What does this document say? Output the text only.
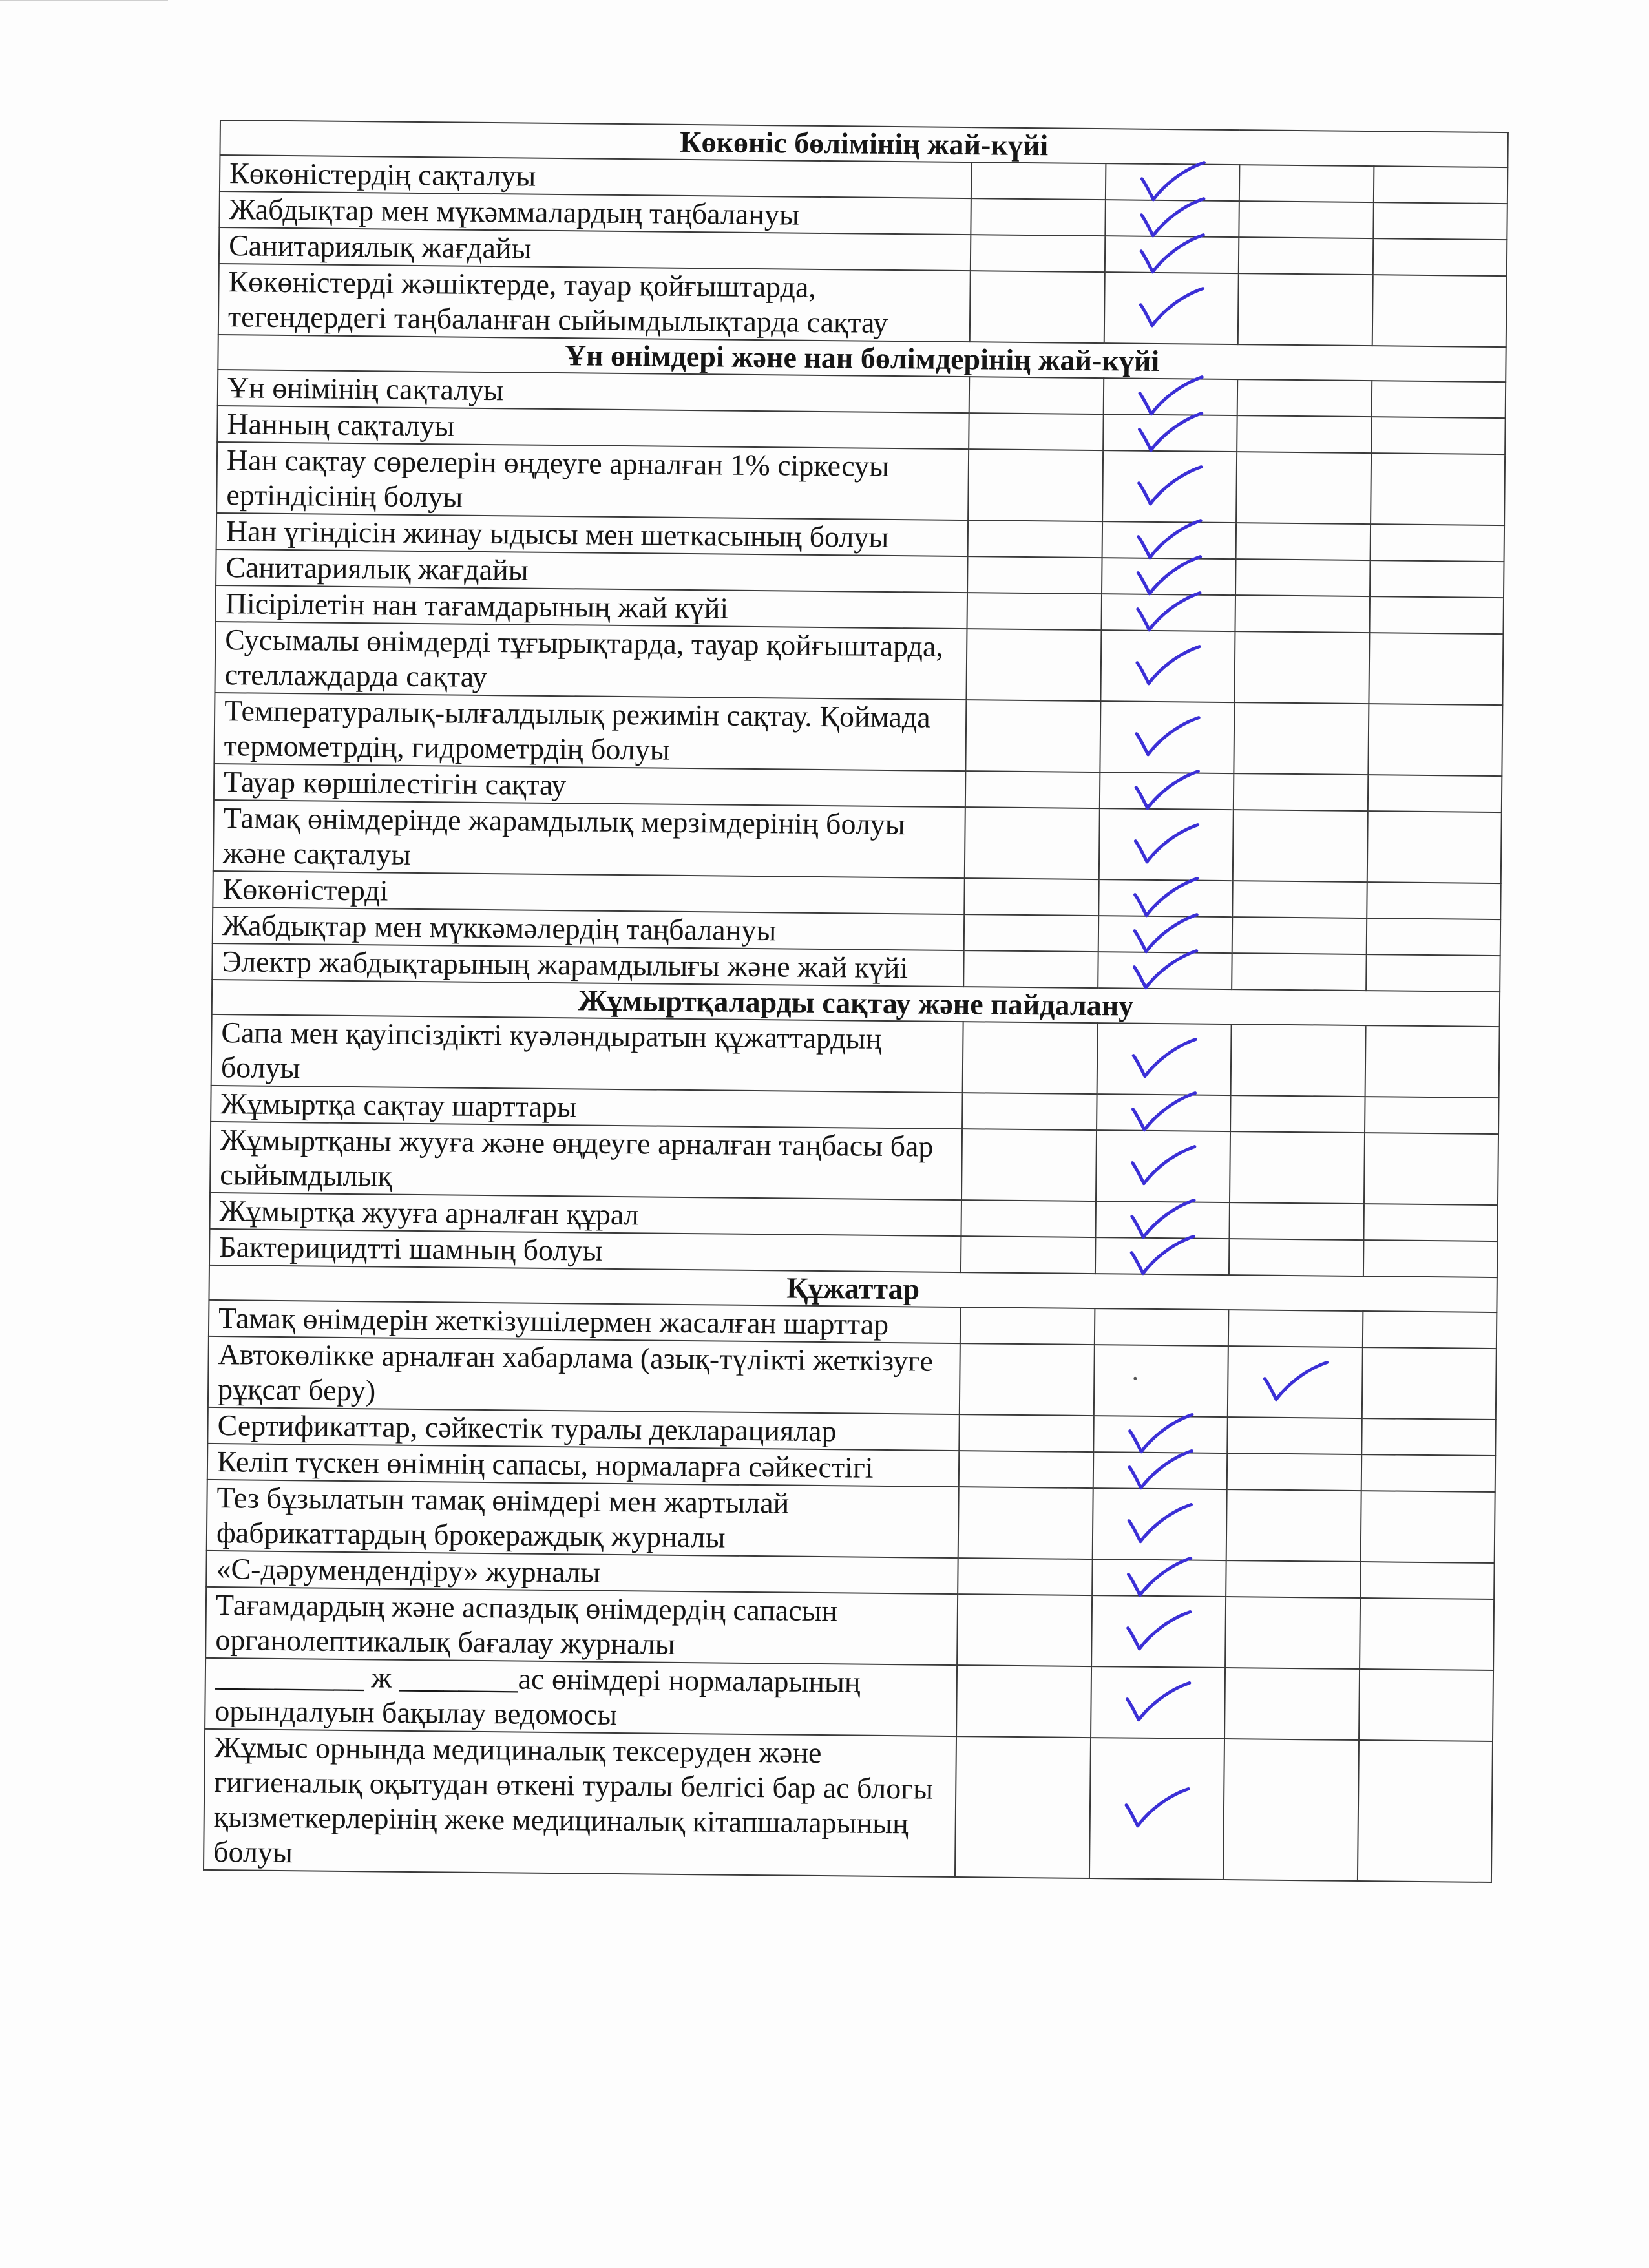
Көкөніс бөлімінің жай-күйі				
Көкөністердің сақталуы		

Жабдықтар мен мүкәммалардың таңбалануы		

Санитариялық жағдайы		

Көкөністерді жәшіктерде, тауар қойғыштарда, тегендердегі таңбаланған сыйымдылықтарда сақтау		

Ұн өнімдері және нан бөлімдерінің жай-күйі				
Ұн өнімінің сақталуы		

Нанның сақталуы		

Нан сақтау сөрелерін өңдеуге арналған 1% сіркесуы ертіндісінің болуы		

Нан үгіндісін жинау ыдысы мен шеткасының болуы		

Санитариялық жағдайы		

Пісірілетін нан тағамдарының жай күйі		

Сусымалы өнімдерді тұғырықтарда, тауар қойғыштарда, стеллаждарда сақтау		

Температуралық-ылғалдылық режимін сақтау. Қоймада термометрдің, гидрометрдің болуы		

Тауар көршілестігін сақтау		

Тамақ өнімдерінде жарамдылық мерзімдерінің болуы және сақталуы		

Көкөністерді		

Жабдықтар мен мүккәмәлердің таңбалануы		

Электр жабдықтарының жарамдылығы және жай күйі		

Жұмыртқаларды сақтау және пайдалану				
Сапа мен қауіпсіздікті куәләндыратын құжаттардың болуы		

Жұмыртқа сақтау шарттары		

Жұмыртқаны жууға және өңдеуге арналған таңбасы бар сыйымдылық		

Жұмыртқа жууға арналған құрал		

Бактерицидтті шамның болуы		

Құжаттар				
Тамақ өнімдерін жеткізушілермен жасалған шарттар				
Автокөлікке арналған хабарлама (азық-түлікті жеткізуге рұқсат беру)		

Сертификаттар, сәйкестік туралы декларациялар		

Келіп түскен өнімнің сапасы, нормаларға сәйкестігі		

Тез бұзылатын тамақ өнімдері мен жартылай фабрикаттардың брокераждық журналы		

«С-дәрумендендіру» журналы		

Тағамдардың және аспаздық өнімдердің сапасын органолептикалық бағалау журналы		

__________ ж ________ас өнімдері нормаларының орындалуын бақылау ведомосы		

Жұмыс орнында медициналық тексеруден және гигиеналық оқытудан өткені туралы белгісі бар ас блогы қызметкерлерінің жеке медициналық кітапшаларының болуы		
